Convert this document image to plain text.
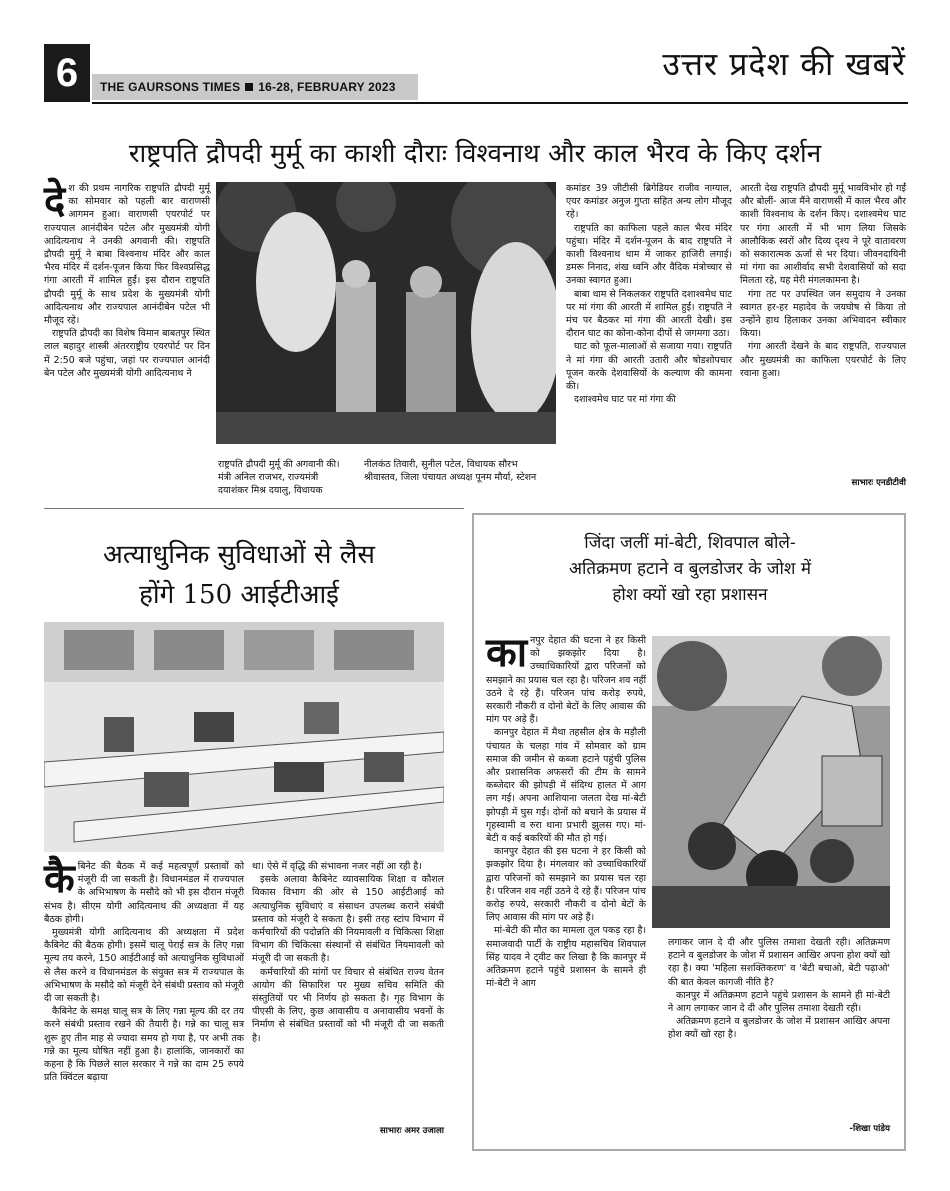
6	THE GAURSONS TIMES 16-28, FEBRUARY 2023
उत्तर प्रदेश की खबरें
राष्ट्रपति द्रौपदी मुर्मू का काशी दौराः विश्वनाथ और काल भैरव के किए दर्शन

देश की प्रथम नागरिक राष्ट्रपति द्रौपदी मुर्मू का सोमवार को पहली बार वाराणसी आगमन हुआ। वाराणसी एयरपोर्ट पर राज्यपाल आनंदीबेन पटेल और मुख्यमंत्री योगी आदित्यनाथ ने उनकी अगवानी की। राष्ट्रपति द्रौपदी मुर्मू ने बाबा विश्वनाथ मंदिर और काल भैरव मंदिर में दर्शन-पूजन किया फिर विश्वप्रसिद्ध गंगा आरती में शामिल हुईं। इस दौरान राष्ट्रपति द्रौपदी मुर्मू के साथ प्रदेश के मुख्यमंत्री योगी आदित्यनाथ और राज्यपाल आनंदीबेन पटेल भी मौजूद रहे।

राष्ट्रपति द्रौपदी का विशेष विमान बाबतपुर स्थित लाल बहादुर शास्त्री अंतरराष्ट्रीय एयरपोर्ट पर दिन में 2:50 बजे पहुंचा, जहां पर राज्यपाल आनंदी बेन पटेल और मुख्यमंत्री योगी आदित्यनाथ ने

राष्ट्रपति द्रौपदी मुर्मू की अगवानी की। मंत्री अनिल राजभर, राज्यमंत्री दयाशंकर मिश्र दयालु, विधायक
नीलकंठ तिवारी, सुनील पटेल, विधायक सौरभ श्रीवास्तव, जिला पंचायत अध्यक्ष पूनम मौर्या, स्टेशन

कमांडर 39 जीटीसी ब्रिगेडियर राजीव नाग्याल, एयर कमांडर अनुज गुप्ता सहित अन्य लोग मौजूद रहे।

राष्ट्रपति का काफिला पहले काल भैरव मंदिर पहुंचा। मंदिर में दर्शन-पूजन के बाद राष्ट्रपति ने काशी विश्वनाथ धाम में जाकर हाजिरी लगाई। डमरू निनाद, शंख ध्वनि और वैदिक मंत्रोच्चार से उनका स्वागत हुआ।

बाबा धाम से निकलकर राष्ट्रपति दशाश्वमेध घाट पर मां गंगा की आरती में शामिल हुईं। राष्ट्रपति ने मंच पर बैठकर मां गंगा की आरती देखी। इस दौरान घाट का कोना-कोना दीपों से जगमगा उठा।

घाट को फूल-मालाओं से सजाया गया। राष्ट्रपति ने मां गंगा की आरती उतारी और षोडशोपचार पूजन करके देशवासियों के कल्याण की कामना की।

दशाश्वमेध घाट पर मां गंगा की

आरती देख राष्ट्रपति द्रौपदी मुर्मू भावविभोर हो गईं और बोलीं- आज मैंने वाराणसी में काल भैरव और काशी विश्वनाथ के दर्शन किए। दशाश्वमेध घाट पर गंगा आरती में भी भाग लिया जिसके आलौकिक स्वरों और दिव्य दृश्य ने पूरे वातावरण को सकारात्मक ऊर्जा से भर दिया। जीवनदायिनी मां गंगा का आशीर्वाद सभी देशवासियों को सदा मिलता रहे, यह मेरी मंगलकामना है।

गंगा तट पर उपस्थित जन समुदाय ने उनका स्वागत हर-हर महादेव के जयघोष से किया तो उन्होंने हाथ हिलाकर उनका अभिवादन स्वीकार किया।

गंगा आरती देखने के बाद राष्ट्रपति, राज्यपाल और मुख्यमंत्री का काफिला एयरपोर्ट के लिए रवाना हुआ।

साभारः एनडीटीवी
अत्याधुनिक सुविधाओं से लैस
होंगे 150 आईटीआई

कैबिनेट की बैठक में कई महत्वपूर्ण प्रस्तावों को मंजूरी दी जा सकती है। विधानमंडल में राज्यपाल के अभिभाषण के मसौदे को भी इस दौरान मंजूरी संभव है। सीएम योगी आदित्यनाथ की अध्यक्षता में यह बैठक होगी।

मुख्यमंत्री योगी आदित्यनाथ की अध्यक्षता में प्रदेश कैबिनेट की बैठक होगी। इसमें चालू पेराई सत्र के लिए गन्ना मूल्य तय करने, 150 आईटीआई को अत्याधुनिक सुविधाओं से लैस करने व विधानमंडल के संयुक्त सत्र में राज्यपाल के अभिभाषण के मसौदे को मंजूरी देने संबंधी प्रस्ताव को मंजूरी दी जा सकती है।

कैबिनेट के समक्ष चालू सत्र के लिए गन्ना मूल्य की दर तय करने संबंधी प्रस्ताव रखने की तैयारी है। गन्ने का चालू सत्र शुरू हुए तीन माह से ज्यादा समय हो गया है, पर अभी तक गन्ने का मूल्य घोषित नहीं हुआ है। हालांकि, जानकारों का कहना है कि पिछले साल सरकार ने गन्ने का दाम 25 रुपये प्रति क्विंटल बढ़ाया

था। ऐसे में वृद्धि की संभावना नजर नहीं आ रही है।

इसके अलावा कैबिनेट व्यावसायिक शिक्षा व कौशल विकास विभाग की ओर से 150 आईटीआई को अत्याधुनिक सुविधाएं व संसाधन उपलब्ध कराने संबंधी प्रस्ताव को मंजूरी दे सकता है। इसी तरह स्टांप विभाग में कर्मचारियों की पदोन्नति की नियमावली व चिकित्सा शिक्षा विभाग की चिकित्सा संस्थानों से संबंधित नियमावली को मंजूरी दी जा सकती है।

कर्मचारियों की मांगों पर विचार से संबंधित राज्य वेतन आयोग की सिफारिश पर मुख्य सचिव समिति की संस्तुतियों पर भी निर्णय हो सकता है। गृह विभाग के पीएसी के लिए, कुछ आवासीय व अनावासीय भवनों के निर्माण से संबंधित प्रस्तावों को भी मंजूरी दी जा सकती है।

साभारः अमर उजाला
जिंदा जलीं मां-बेटी, शिवपाल बोले-
अतिक्रमण हटाने व बुलडोजर के जोश में
होश क्यों खो रहा प्रशासन

कानपुर देहात की घटना ने हर किसी को झकझोर दिया है। उच्चाधिकारियों द्वारा परिजनों को समझाने का प्रयास चल रहा है। परिजन शव नहीं उठने दे रहे हैं। परिजन पांच करोड़ रुपये, सरकारी नौकरी व दोनो बेटों के लिए आवास की मांग पर अड़े हैं।

कानपुर देहात में मैथा तहसील क्षेत्र के मड़ौली पंचायत के चलहा गांव में सोमवार को ग्राम समाज की जमीन से कब्जा हटाने पहुंची पुलिस और प्रशासनिक अफसरों की टीम के सामने कब्जेदार की झोपड़ी में संदिग्ध हालत में आग लग गई। अपना आशियाना जलता देख मां-बेटी झोपड़ी में घुस गईं। दोनों को बचाने के प्रयास में गृहस्वामी व रुरा थाना प्रभारी झुलस गए। मां-बेटी व कई बकरियों की मौत हो गई।

कानपुर देहात की इस घटना ने हर किसी को झकझोर दिया है। मंगलवार को उच्चाधिकारियों द्वारा परिजनों को समझाने का प्रयास चल रहा है। परिजन शव नहीं उठने दे रहे हैं। परिजन पांच करोड़ रुपये, सरकारी नौकरी व दोनो बेटों के लिए आवास की मांग पर अड़े हैं।

मां-बेटी की मौत का मामला तूल पकड़ रहा है। समाजवादी पार्टी के राष्ट्रीय महासचिव शिवपाल सिंह यादव ने ट्वीट कर लिखा है कि कानपुर में अतिक्रमण हटाने पहुंचे प्रशासन के सामने ही मां-बेटी ने आग

लगाकर जान दे दी और पुलिस तमाशा देखती रही। अतिक्रमण हटाने व बुलडोजर के जोश में प्रशासन आखिर अपना होश क्यों खो रहा है। क्या 'महिला सशक्तिकरण' व 'बेटी बचाओ, बेटी पढ़ाओ' की बात केवल कागजी नीति है?

कानपुर में अतिक्रमण हटाने पहुंचे प्रशासन के सामने ही मां-बेटी ने आग लगाकर जान दे दी और पुलिस तमाशा देखती रही।

अतिक्रमण हटाने व बुलडोजर के जोश में प्रशासन आखिर अपना होश क्यों खो रहा है।

-शिखा पांडेय
